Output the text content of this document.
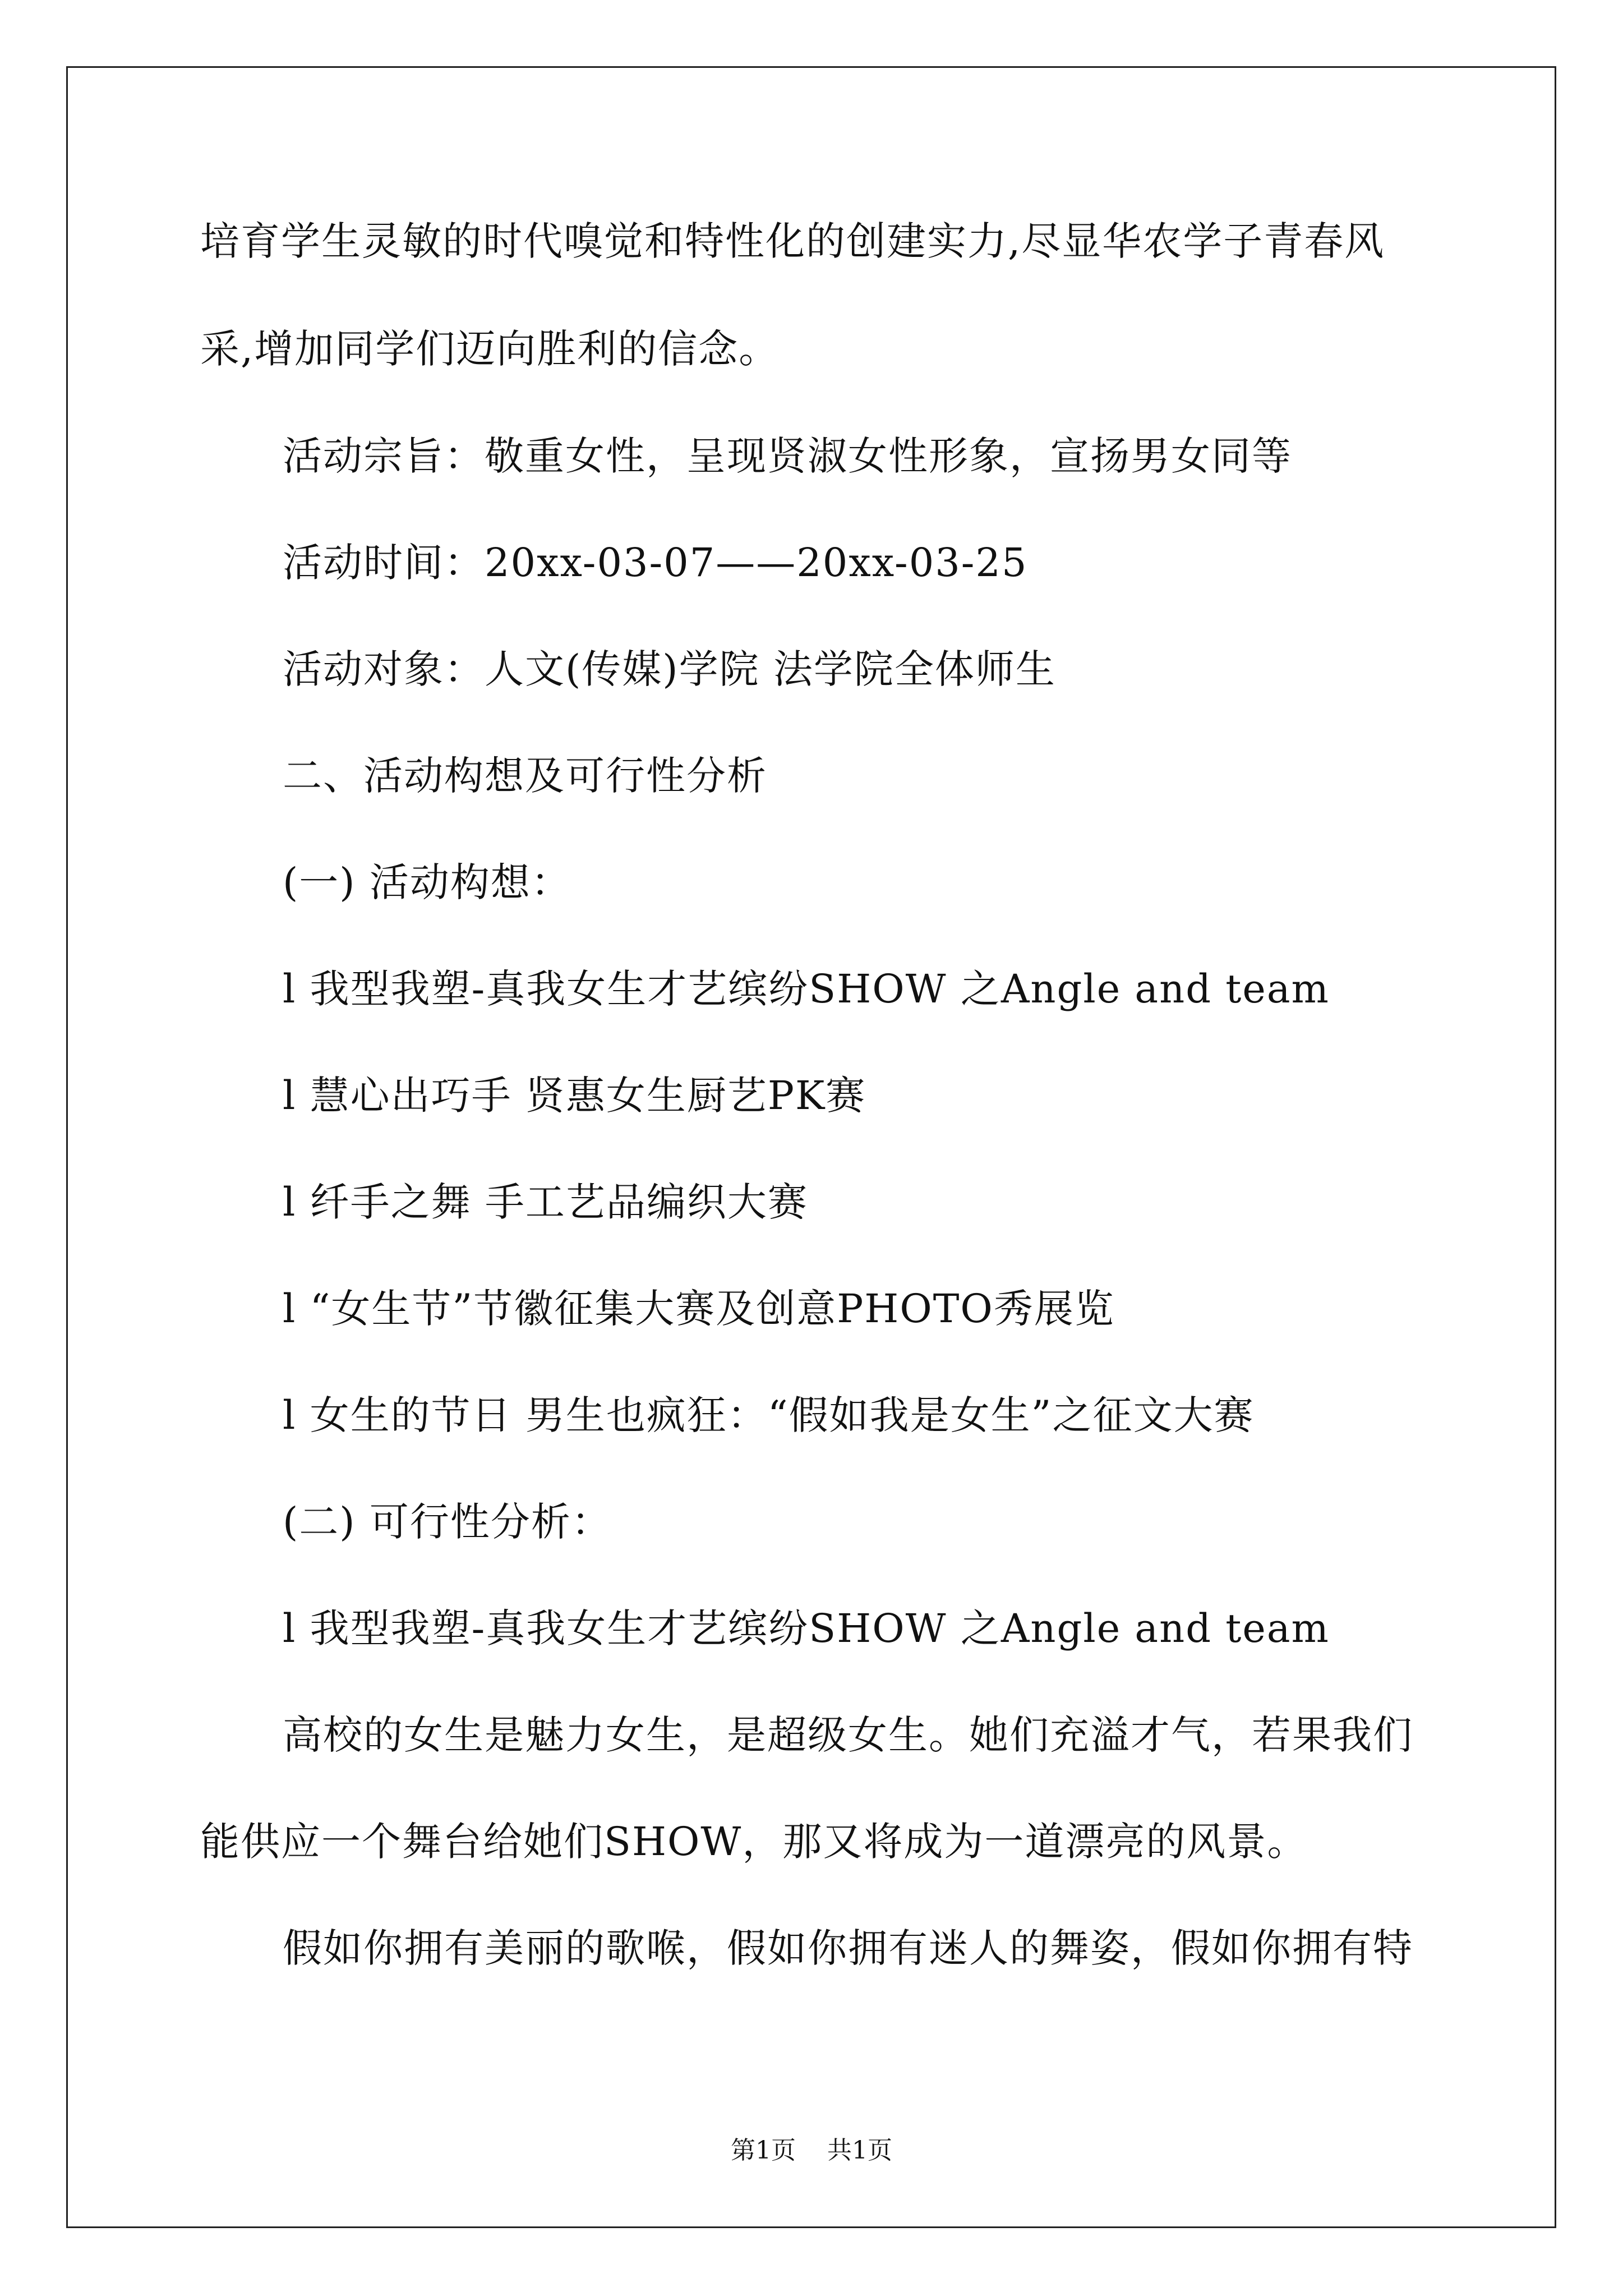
培育学生灵敏的时代嗅觉和特性化的创建实力,尽显华农学子青春风
采,增加同学们迈向胜利的信念。
活动宗旨：敬重女性，呈现贤淑女性形象，宣扬男女同等
活动时间：20xx-03-07——20xx-03-25
活动对象：人文(传媒)学院 法学院全体师生
二、活动构想及可行性分析
(一) 活动构想：
l 我型我塑-真我女生才艺缤纷SHOW 之Angle and team
l 慧心出巧手 贤惠女生厨艺PK赛
l 纤手之舞 手工艺品编织大赛
l “女生节”节徽征集大赛及创意PHOTO秀展览
l 女生的节日 男生也疯狂：“假如我是女生”之征文大赛
(二) 可行性分析：
l 我型我塑-真我女生才艺缤纷SHOW 之Angle and team
高校的女生是魅力女生，是超级女生。她们充溢才气，若果我们
能供应一个舞台给她们SHOW，那又将成为一道漂亮的风景。
假如你拥有美丽的歌喉，假如你拥有迷人的舞姿，假如你拥有特
第1页 共1页
